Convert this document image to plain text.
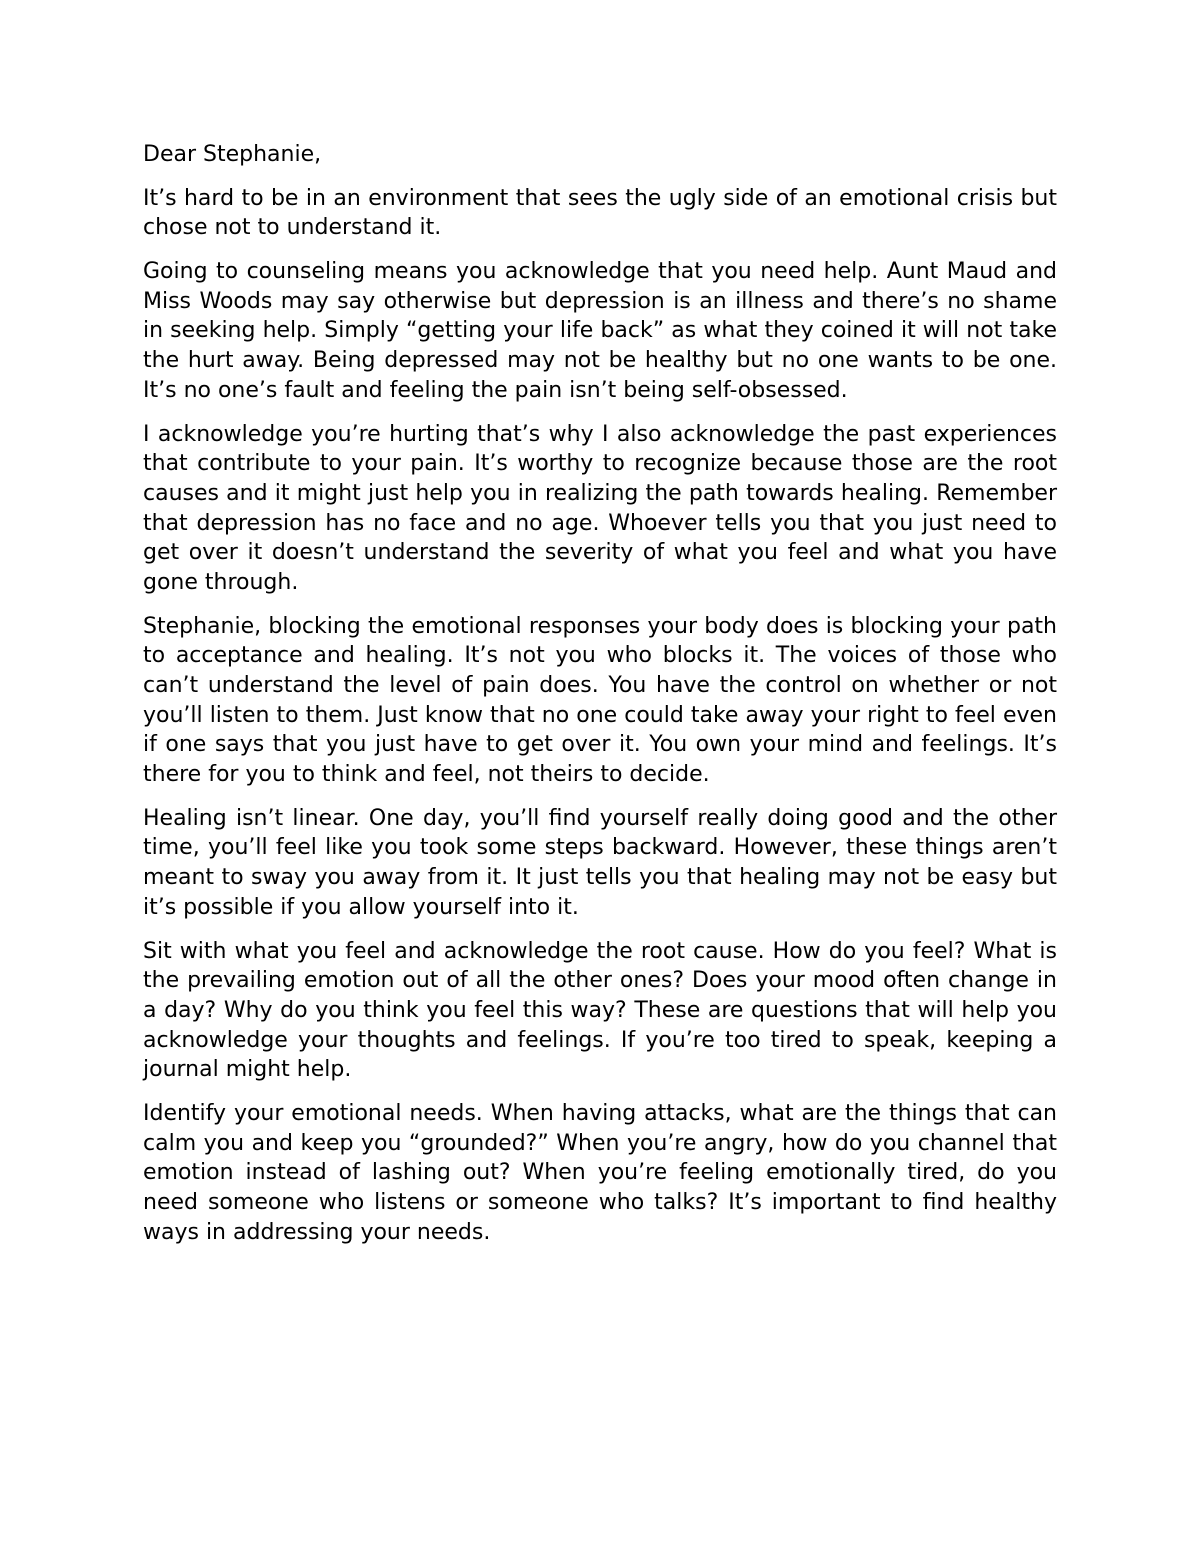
Dear Stephanie,

It’s hard to be in an environment that sees the ugly side of an emotional crisis but chose not to understand it.

Going to counseling means you acknowledge that you need help. Aunt Maud and Miss Woods may say otherwise but depression is an illness and there’s no shame in seeking help. Simply “getting your life back” as what they coined it will not take the hurt away. Being depressed may not be healthy but no one wants to be one. It’s no one’s fault and feeling the pain isn’t being self-obsessed.

I acknowledge you’re hurting that’s why I also acknowledge the past experiences that contribute to your pain. It’s worthy to recognize because those are the root causes and it might just help you in realizing the path towards healing. Remember that depression has no face and no age. Whoever tells you that you just need to get over it doesn’t understand the severity of what you feel and what you have gone through.

Stephanie, blocking the emotional responses your body does is blocking your path to acceptance and healing. It’s not you who blocks it. The voices of those who can’t understand the level of pain does. You have the control on whether or not you’ll listen to them. Just know that no one could take away your right to feel even if one says that you just have to get over it. You own your mind and feelings. It’s there for you to think and feel, not theirs to decide.

Healing isn’t linear. One day, you’ll find yourself really doing good and the other time, you’ll feel like you took some steps backward. However, these things aren’t meant to sway you away from it. It just tells you that healing may not be easy but it’s possible if you allow yourself into it.

Sit with what you feel and acknowledge the root cause. How do you feel? What is the prevailing emotion out of all the other ones? Does your mood often change in a day? Why do you think you feel this way? These are questions that will help you acknowledge your thoughts and feelings. If you’re too tired to speak, keeping a journal might help.

Identify your emotional needs. When having attacks, what are the things that can calm you and keep you “grounded?” When you’re angry, how do you channel that emotion instead of lashing out? When you’re feeling emotionally tired, do you need someone who listens or someone who talks? It’s important to find healthy ways in addressing your needs.
